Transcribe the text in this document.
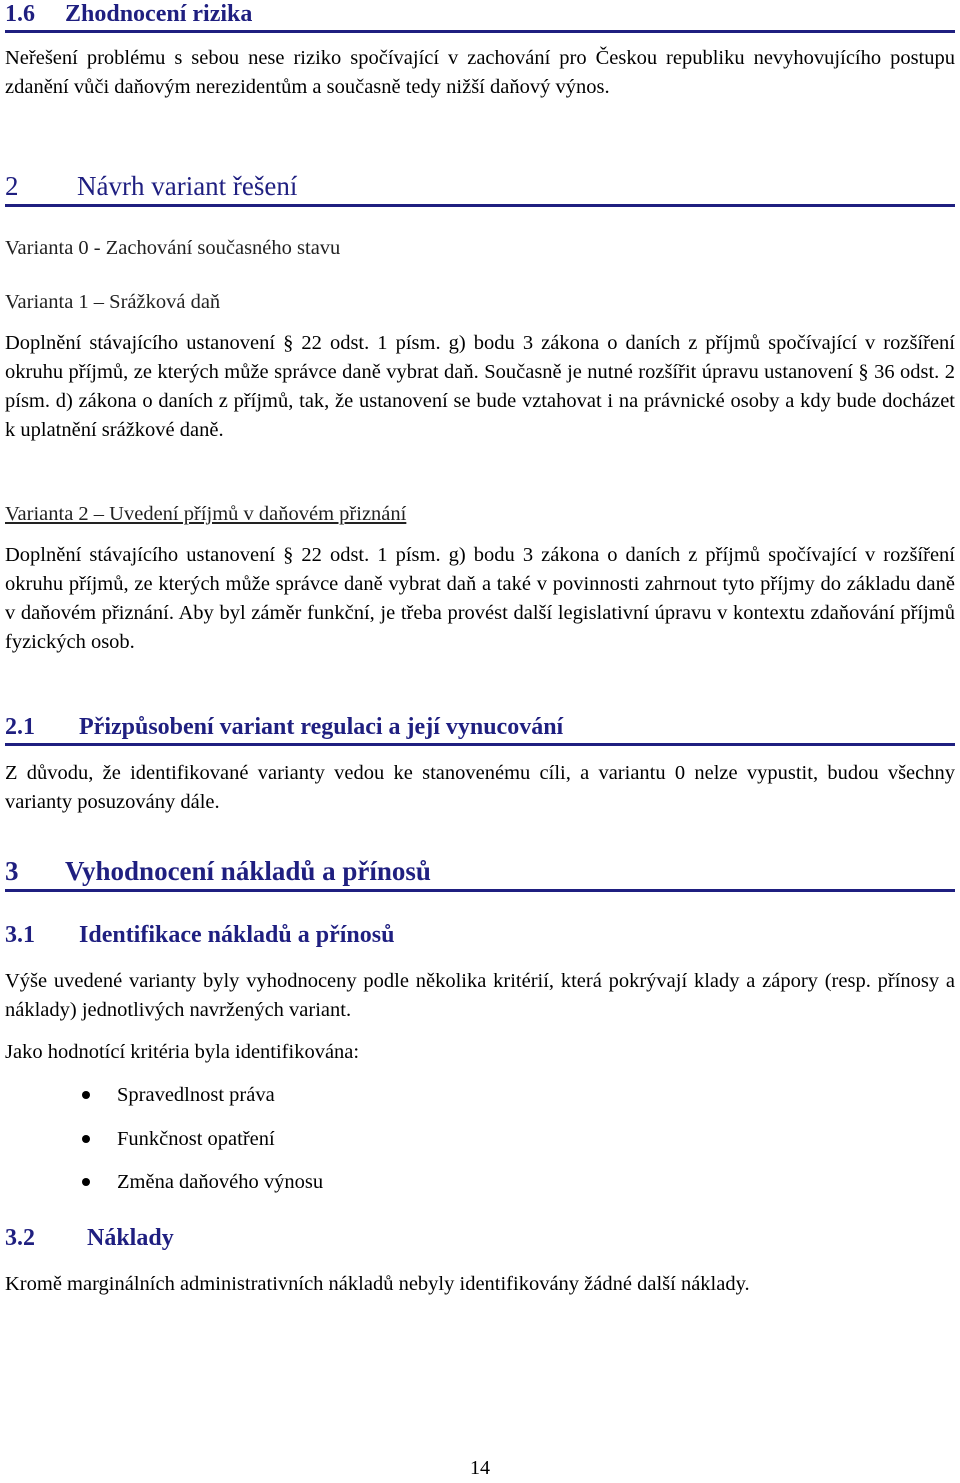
1.6 Zhodnocení rizika
Neřešení problému s sebou nese riziko spočívající v zachování pro Českou republiku nevyhovujícího postupu zdanění vůči daňovým nerezidentům a současně tedy nižší daňový výnos.
2 Návrh variant řešení
Varianta 0 - Zachování současného stavu
Varianta 1 – Srážková daň
Doplnění stávajícího ustanovení § 22 odst. 1 písm. g) bodu 3 zákona o daních z příjmů spočívající v rozšíření okruhu příjmů, ze kterých může správce daně vybrat daň. Současně je nutné rozšířit úpravu ustanovení § 36 odst. 2 písm. d) zákona o daních z příjmů, tak, že ustanovení se bude vztahovat i na právnické osoby a kdy bude docházet k uplatnění srážkové daně.
Varianta 2 – Uvedení příjmů v daňovém přiznání
Doplnění stávajícího ustanovení § 22 odst. 1 písm. g) bodu 3 zákona o daních z příjmů spočívající v rozšíření okruhu příjmů, ze kterých může správce daně vybrat daň a také v povinnosti zahrnout tyto příjmy do základu daně v daňovém přiznání. Aby byl záměr funkční, je třeba provést další legislativní úpravu v kontextu zdaňování příjmů fyzických osob.
2.1 Přizpůsobení variant regulaci a její vynucování
Z důvodu, že identifikované varianty vedou ke stanovenému cíli, a variantu 0 nelze vypustit, budou všechny varianty posuzovány dále.
3 Vyhodnocení nákladů a přínosů
3.1 Identifikace nákladů a přínosů
Výše uvedené varianty byly vyhodnoceny podle několika kritérií, která pokrývají klady a zápory (resp. přínosy a náklady) jednotlivých navržených variant.
Jako hodnotící kritéria byla identifikována:
Spravedlnost práva
Funkčnost opatření
Změna daňového výnosu
3.2 Náklady
Kromě marginálních administrativních nákladů nebyly identifikovány žádné další náklady.
14
